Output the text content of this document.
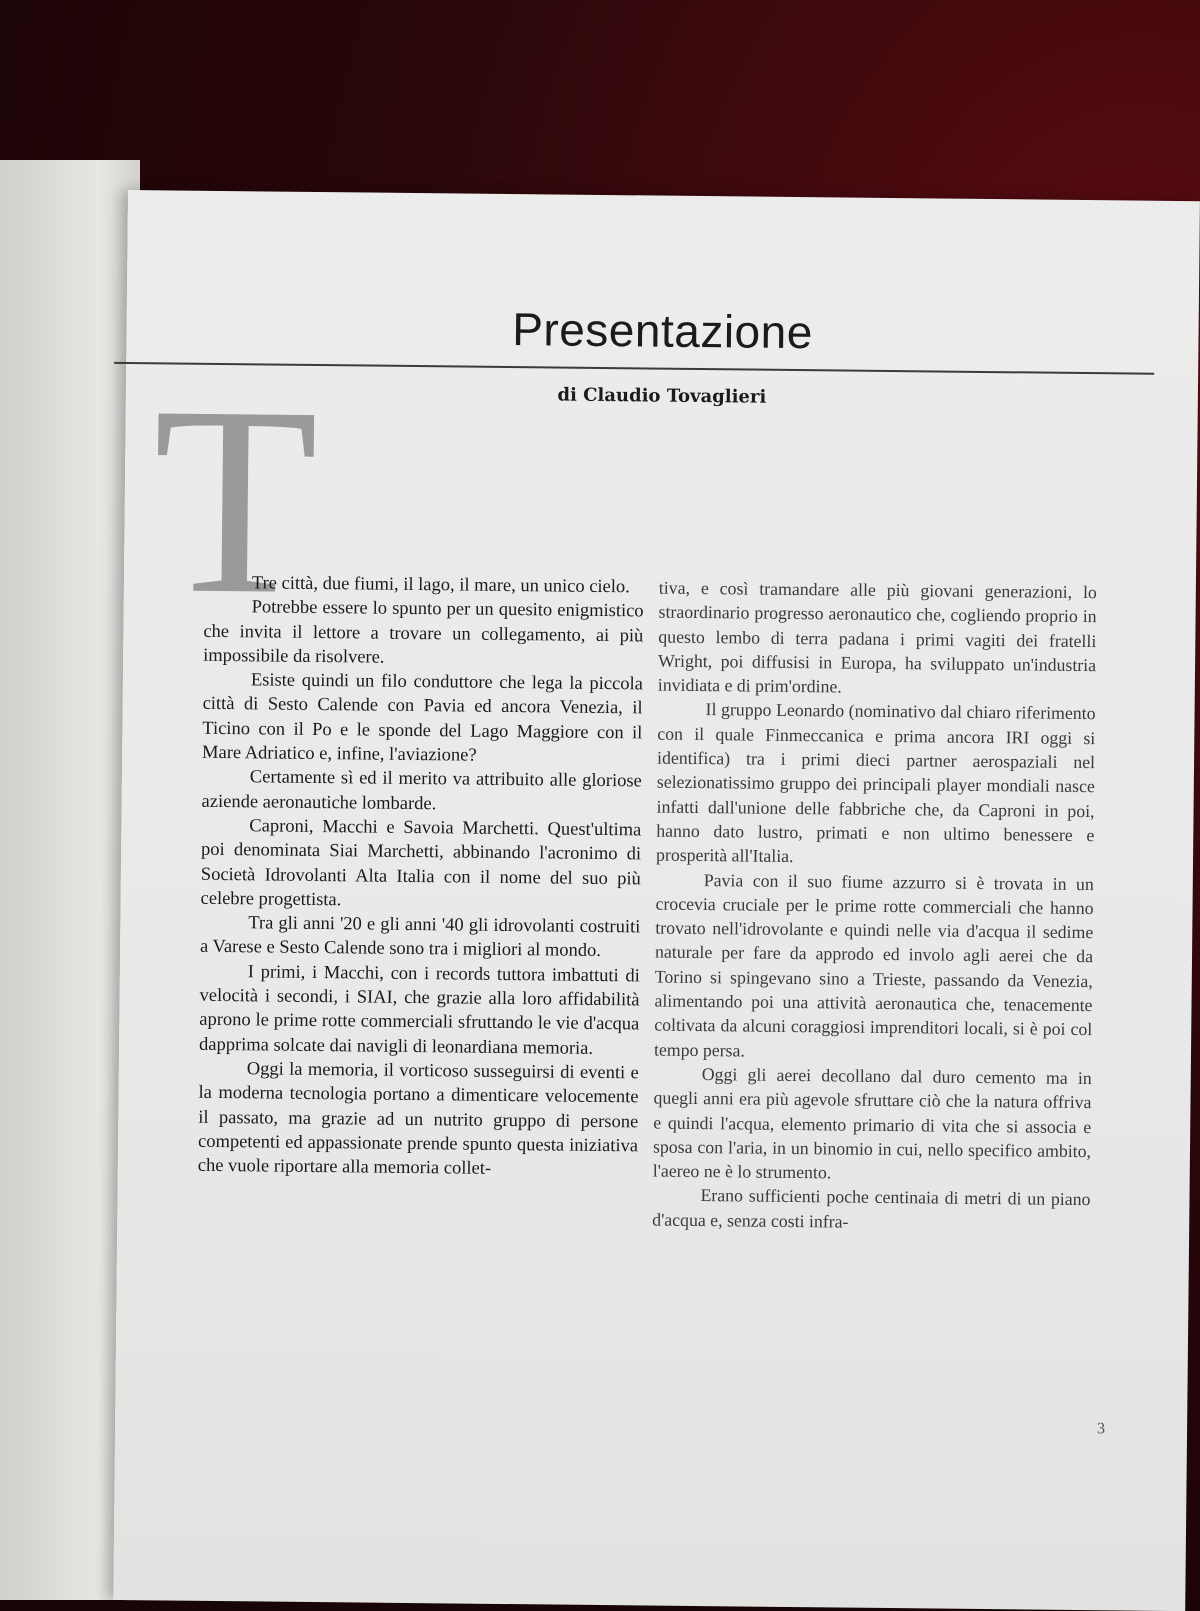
Presentazione
di Claudio Tovaglieri
T

Tre città, due fiumi, il lago, il mare, un unico cielo.

Potrebbe essere lo spunto per un quesito enigmistico che invita il lettore a trovare un collegamento, ai più impossibile da risolvere.

Esiste quindi un filo conduttore che lega la piccola città di Sesto Calende con Pavia ed ancora Venezia, il Ticino con il Po e le sponde del Lago Maggiore con il Mare Adriatico e, infine, l'aviazione?

Certamente sì ed il merito va attribuito alle gloriose aziende aeronautiche lombarde.

Caproni, Macchi e Savoia Marchetti. Quest'ultima poi denominata Siai Marchetti, abbinando l'acronimo di Società Idrovolanti Alta Italia con il nome del suo più celebre progettista.

Tra gli anni '20 e gli anni '40 gli idrovolanti costruiti a Varese e Sesto Calende sono tra i migliori al mondo.

I primi, i Macchi, con i records tuttora imbattuti di velocità i secondi, i SIAI, che grazie alla loro affidabilità aprono le prime rotte commerciali sfruttando le vie d'acqua dapprima solcate dai navigli di leonardiana memoria.

Oggi la memoria, il vorticoso susseguirsi di eventi e la moderna tecnologia portano a dimenticare velocemente il passato, ma grazie ad un nutrito gruppo di persone competenti ed appassionate prende spunto questa iniziativa che vuole riportare alla memoria collet-

tiva, e così tramandare alle più giovani generazioni, lo straordinario progresso aeronautico che, cogliendo proprio in questo lembo di terra padana i primi vagiti dei fratelli Wright, poi diffusisi in Europa, ha sviluppato un'industria invidiata e di prim'ordine.

Il gruppo Leonardo (nominativo dal chiaro riferimento con il quale Finmeccanica e prima ancora IRI oggi si identifica) tra i primi dieci partner aerospaziali nel selezionatissimo gruppo dei principali player mondiali nasce infatti dall'unione delle fabbriche che, da Caproni in poi, hanno dato lustro, primati e non ultimo benessere e prosperità all'Italia.

Pavia con il suo fiume azzurro si è trovata in un crocevia cruciale per le prime rotte commerciali che hanno trovato nell'idrovolante e quindi nelle via d'acqua il sedime naturale per fare da approdo ed involo agli aerei che da Torino si spingevano sino a Trieste, passando da Venezia, alimentando poi una attività aeronautica che, tenacemente coltivata da alcuni coraggiosi imprenditori locali, si è poi col tempo persa.

Oggi gli aerei decollano dal duro cemento ma in quegli anni era più agevole sfruttare ciò che la natura offriva e quindi l'acqua, elemento primario di vita che si associa e sposa con l'aria, in un binomio in cui, nello specifico ambito, l'aereo ne è lo strumento.

Erano sufficienti poche centinaia di metri di un piano d'acqua e, senza costi infra-

3
